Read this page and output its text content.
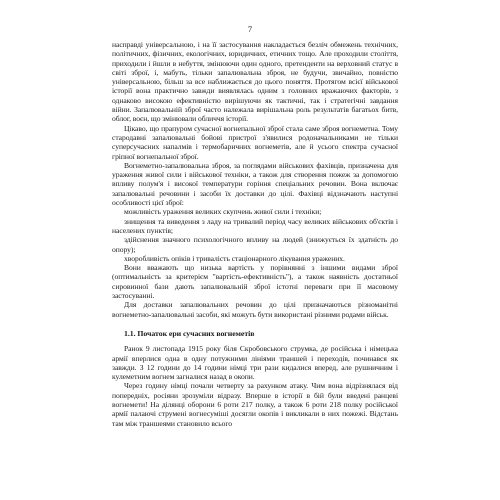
7

насправді універсальною, і на її застосування накладається безліч обмежень технічних, політичних, фізичних, екологічних, юридичних, етичних тощо. Але проходили століття, приходили і йшли в небуття, змінюючи один одного, претенденти на верховний статус в світі зброї, і, мабуть, тільки запалювальна зброя, не будучи, звичайно, повністю універсальною, більш за все наближається до цього поняття. Протягом всієї військової історії вона практично завжди виявлялась одним з головних вражаючих факторів, з однаково високою ефективністю вирішуючи як тактичні, так і стратегічні завдання війни. Запалювальній зброї часто належала вирішальна роль результатів багатьох битв, облог, воєн, що змінювали обличчя історії.

Цікаво, що прапуром сучасної вогнепальної зброї стала саме зброя вогнеметна. Тому стародавні запалювальні бойові пристрої з'явилися родоначальниками не тільки суперсучасних напалмів і термобаричних вогнеметів, але й усього спектра сучасної гріпної вогнепальної зброї.

Вогнеметно-запалювальна зброя, за поглядами військових фахівців, призначена для ураження живої сили і військової техніки, а також для створення пожеж за допомогою впливу полум'я і високої температури горіння спеціальних речовин. Вона включає запалювальні речовини і засоби їх доставки до цілі. Фахівці відзначають наступні особливості цієї зброї:

можливість ураження великих скупчень живої сили і техніки;

знищення та виведення з ладу на тривалий період часу великих військових об'єктів і населених пунктів;

здійснення значного психологічного впливу на людей (знижується їх здатність до опору);

хвороблив​ість опіків і тривалість стаціонарного лікування уражених.

Вони вважають що низька вартість у порівнянні з іншими видами зброї (оптимальність за критерієм "вартість-ефективність"), а також наявність достатньої сировинної бази дають запалювальній зброї істотні переваги при її масовому застосуванні.

Для доставки запалювальних речовин до цілі призначаються різноманітні вогнеметно-запалювальні засоби, які можуть бути використані різними родами військ.

1.1. Початок ери сучасних вогнеметів

Ранок 9 листопада 1915 року біля Скробовського струмка, де російська і німецька армії вперлися одна в одну потужними лініями траншей і переходів, починався як завжди. З 12 години до 14 години німці три рази кидалися вперед, але рушничним і кулеметним вогнем загналися назад в окопи.

Через годину німці почали четверту за рахунком атаку. Чим вона відрізнялася від попередніх, росіяни зрозуміли відразу. Вперше в історії в бій були введені ранцеві вогнемети! На ділянці оборони 6 роти 217 полку, а також 6 роти 218 полку російської армії палаючі струмені вогнесуміші досягли окопів і викликали в них пожежі. Відстань там між траншеями становило всього
